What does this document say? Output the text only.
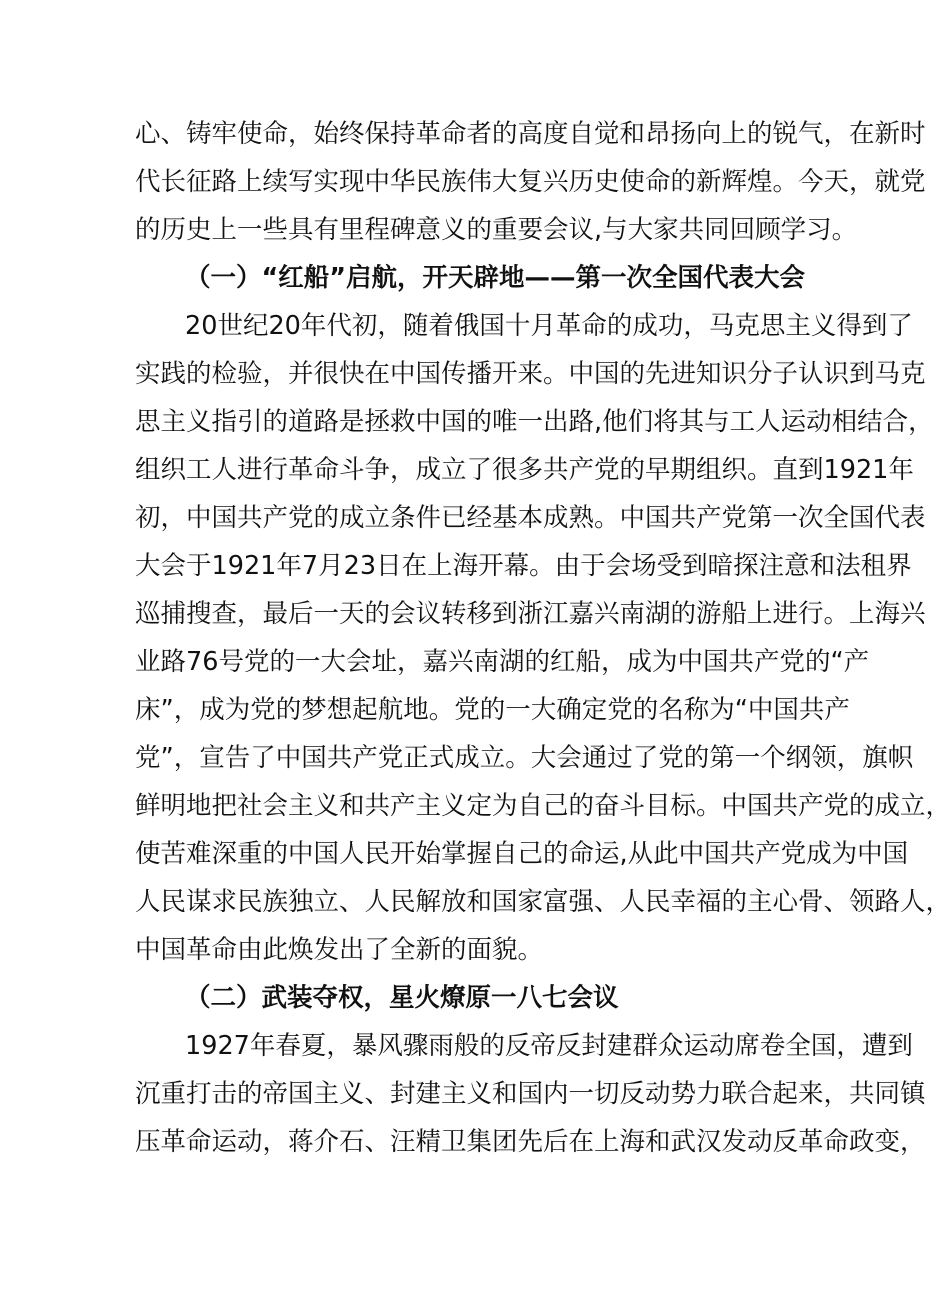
心、铸牢使命，始终保持革命者的高度自觉和昂扬向上的锐气，在新时
代长征路上续写实现中华民族伟大复兴历史使命的新辉煌。今天，就党
的历史上一些具有里程碑意义的重要会议,与大家共同回顾学习。
（一）“红船”启航，开天辟地——第一次全国代表大会
20世纪20年代初，随着俄国十月革命的成功，马克思主义得到了
实践的检验，并很快在中国传播开来。中国的先进知识分子认识到马克
思主义指引的道路是拯救中国的唯一出路,他们将其与工人运动相结合，
组织工人进行革命斗争，成立了很多共产党的早期组织。直到1921年
初，中国共产党的成立条件已经基本成熟。中国共产党第一次全国代表
大会于1921年7月23日在上海开幕。由于会场受到暗探注意和法租界
巡捕搜查，最后一天的会议转移到浙江嘉兴南湖的游船上进行。上海兴
业路76号党的一大会址，嘉兴南湖的红船，成为中国共产党的“产
床”，成为党的梦想起航地。党的一大确定党的名称为“中国共产
党”，宣告了中国共产党正式成立。大会通过了党的第一个纲领，旗帜
鲜明地把社会主义和共产主义定为自己的奋斗目标。中国共产党的成立，
使苦难深重的中国人民开始掌握自己的命运,从此中国共产党成为中国
人民谋求民族独立、人民解放和国家富强、人民幸福的主心骨、领路人，
中国革命由此焕发出了全新的面貌。
（二）武装夺权，星火燎原一八七会议
1927年春夏，暴风骤雨般的反帝反封建群众运动席卷全国，遭到
沉重打击的帝国主义、封建主义和国内一切反动势力联合起来，共同镇
压革命运动，蒋介石、汪精卫集团先后在上海和武汉发动反革命政变，
